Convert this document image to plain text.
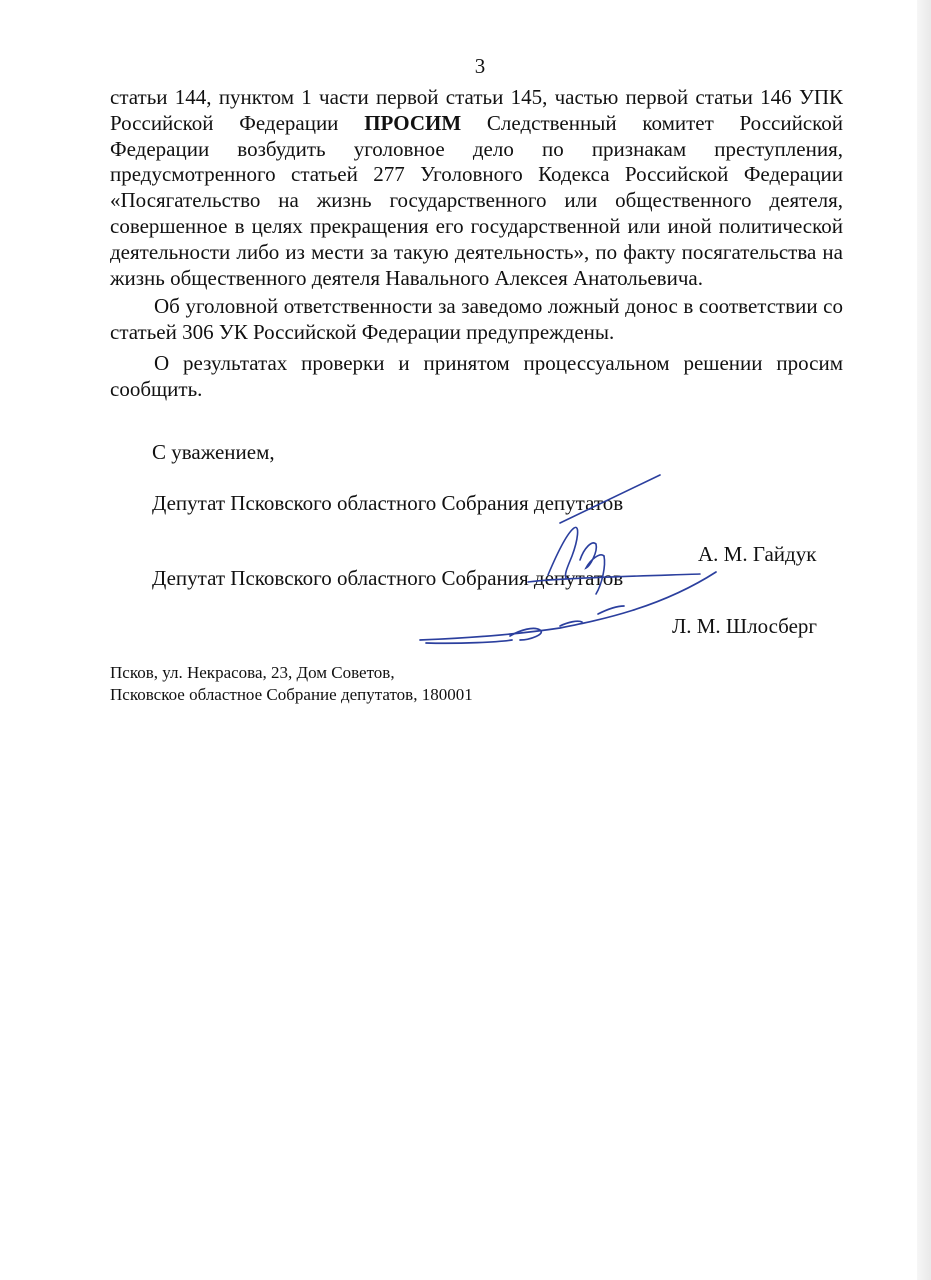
3
статьи 144, пунктом 1 части первой статьи 145, частью первой статьи 146 УПК
Российской Федерации ПРОСИМ Следственный комитет Российской
Федерации возбудить уголовное дело по признакам преступления,
предусмотренного статьей 277 Уголовного Кодекса Российской Федерации
«Посягательство на жизнь государственного или общественного деятеля,
совершенное в целях прекращения его государственной или иной политической
деятельности либо из мести за такую деятельность», по факту посягательства на
жизнь общественного деятеля Навального Алексея Анатольевича.
Об уголовной ответственности за заведомо ложный донос в соответствии со
статьей 306 УК Российской Федерации предупреждены.
О результатах проверки и принятом процессуальном решении просим
сообщить.
С уважением,
Депутат Псковского областного Собрания депутатов
А. М. Гайдук
Депутат Псковского областного Собрания депутатов
Л. М. Шлосберг
Псков, ул. Некрасова, 23, Дом Советов,
Псковское областное Собрание депутатов, 180001
